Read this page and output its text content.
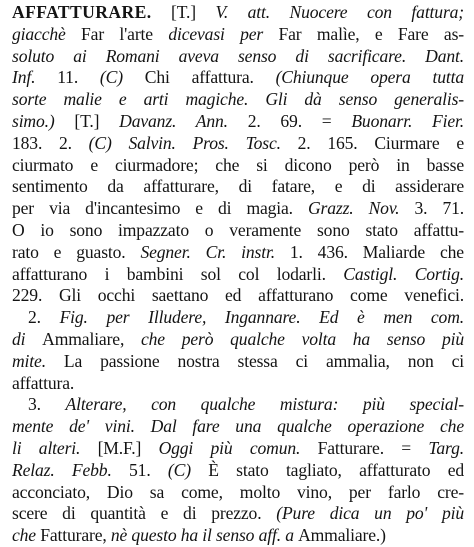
AFFATTURARE. [T.] V. att. Nuocere con fattura;
giacchè Far l'arte dicevasi per Far malìe, e Fare as-
soluto ai Romani aveva senso di sacrificare. Dant.
Inf. 11. (C) Chi affattura. (Chiunque opera tutta
sorte malie e arti magiche. Gli dà senso generalis-
simo.) [T.] Davanz. Ann. 2. 69. = Buonarr. Fier.
183. 2. (C) Salvin. Pros. Tosc. 2. 165. Ciurmare e
ciurmato e ciurmadore; che si dicono però in basse
sentimento da affatturare, di fatare, e di assiderare
per via d'incantesimo e di magia. Grazz. Nov. 3. 71.
O io sono impazzato o veramente sono stato affattu-
rato e guasto. Segner. Cr. instr. 1. 436. Maliarde che
affatturano i bambini sol col lodarli. Castigl. Cortig.
229. Gli occhi saettano ed affatturano come venefici.
2. Fig. per Illudere, Ingannare. Ed è men com.
di Ammaliare, che però qualche volta ha senso più
mite. La passione nostra stessa ci ammalia, non ci
affattura.
3. Alterare, con qualche mistura: più special-
mente de' vini. Dal fare una qualche operazione che
li alteri. [M.F.] Oggi più comun. Fatturare. = Targ.
Relaz. Febb. 51. (C) È stato tagliato, affatturato ed
acconciato, Dio sa come, molto vino, per farlo cre-
scere di quantità e di prezzo. (Pure dica un po' più
che Fatturare, nè questo ha il senso aff. a Ammaliare.)
